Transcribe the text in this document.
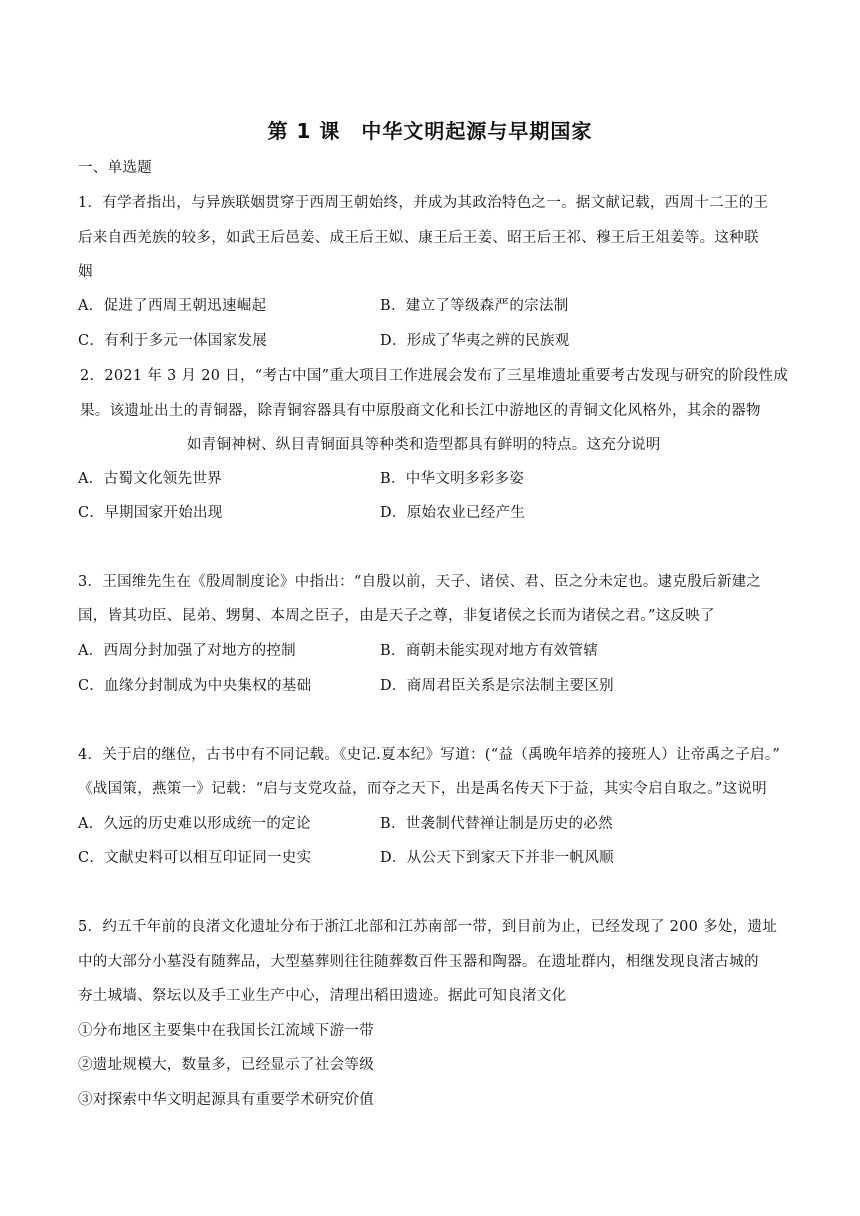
第 1 课　中华文明起源与早期国家
一、单选题
1．有学者指出，与异族联姻贯穿于西周王朝始终，并成为其政治特色之一。据文献记载，西周十二王的王
后来自西羌族的较多，如武王后邑姜、成王后王姒、康王后王姜、昭王后王祁、穆王后王俎姜等。这种联
姻
A．促进了西周王朝迅速崛起	B．建立了等级森严的宗法制
C．有利于多元一体国家发展	D．形成了华夷之辨的民族观
2．2021 年 3 月 20 日，“考古中国”重大项目工作进展会发布了三星堆遗址重要考古发现与研究的阶段性成
果。该遗址出土的青铜器，除青铜容器具有中原殷商文化和长江中游地区的青铜文化风格外，其余的器物
如青铜神树、纵目青铜面具等种类和造型都具有鲜明的特点。这充分说明
A．古蜀文化领先世界	B．中华文明多彩多姿
C．早期国家开始出现	D．原始农业已经产生
3．王国维先生在《殷周制度论》中指出：“自殷以前，天子、诸侯、君、臣之分未定也。逮克殷后新建之
国，皆其功臣、昆弟、甥舅、本周之臣子，由是天子之尊，非复诸侯之长而为诸侯之君。”这反映了
A．西周分封加强了对地方的控制	B．商朝未能实现对地方有效管辖
C．血缘分封制成为中央集权的基础	D．商周君臣关系是宗法制主要区别
4．关于启的继位，古书中有不同记载。《史记.夏本纪》写道：(“益（禹晚年培养的接班人）让帝禹之子启。”
《战国策，燕策一》记载：“启与支党攻益，而夺之天下，出是禹名传天下于益，其实令启自取之。”这说明
A．久远的历史难以形成统一的定论	B．世袭制代替禅让制是历史的必然
C．文献史料可以相互印证同一史实	D．从公天下到家天下并非一帆风顺
5．约五千年前的良渚文化遗址分布于浙江北部和江苏南部一带，到目前为止，已经发现了 200 多处，遗址
中的大部分小墓没有随葬品，大型墓葬则往往随葬数百件玉器和陶器。在遗址群内，相继发现良渚古城的
夯土城墙、祭坛以及手工业生产中心，清理出稻田遗迹。据此可知良渚文化
①分布地区主要集中在我国长江流域下游一带
②遗址规模大，数量多，已经显示了社会等级
③对探索中华文明起源具有重要学术研究价值
